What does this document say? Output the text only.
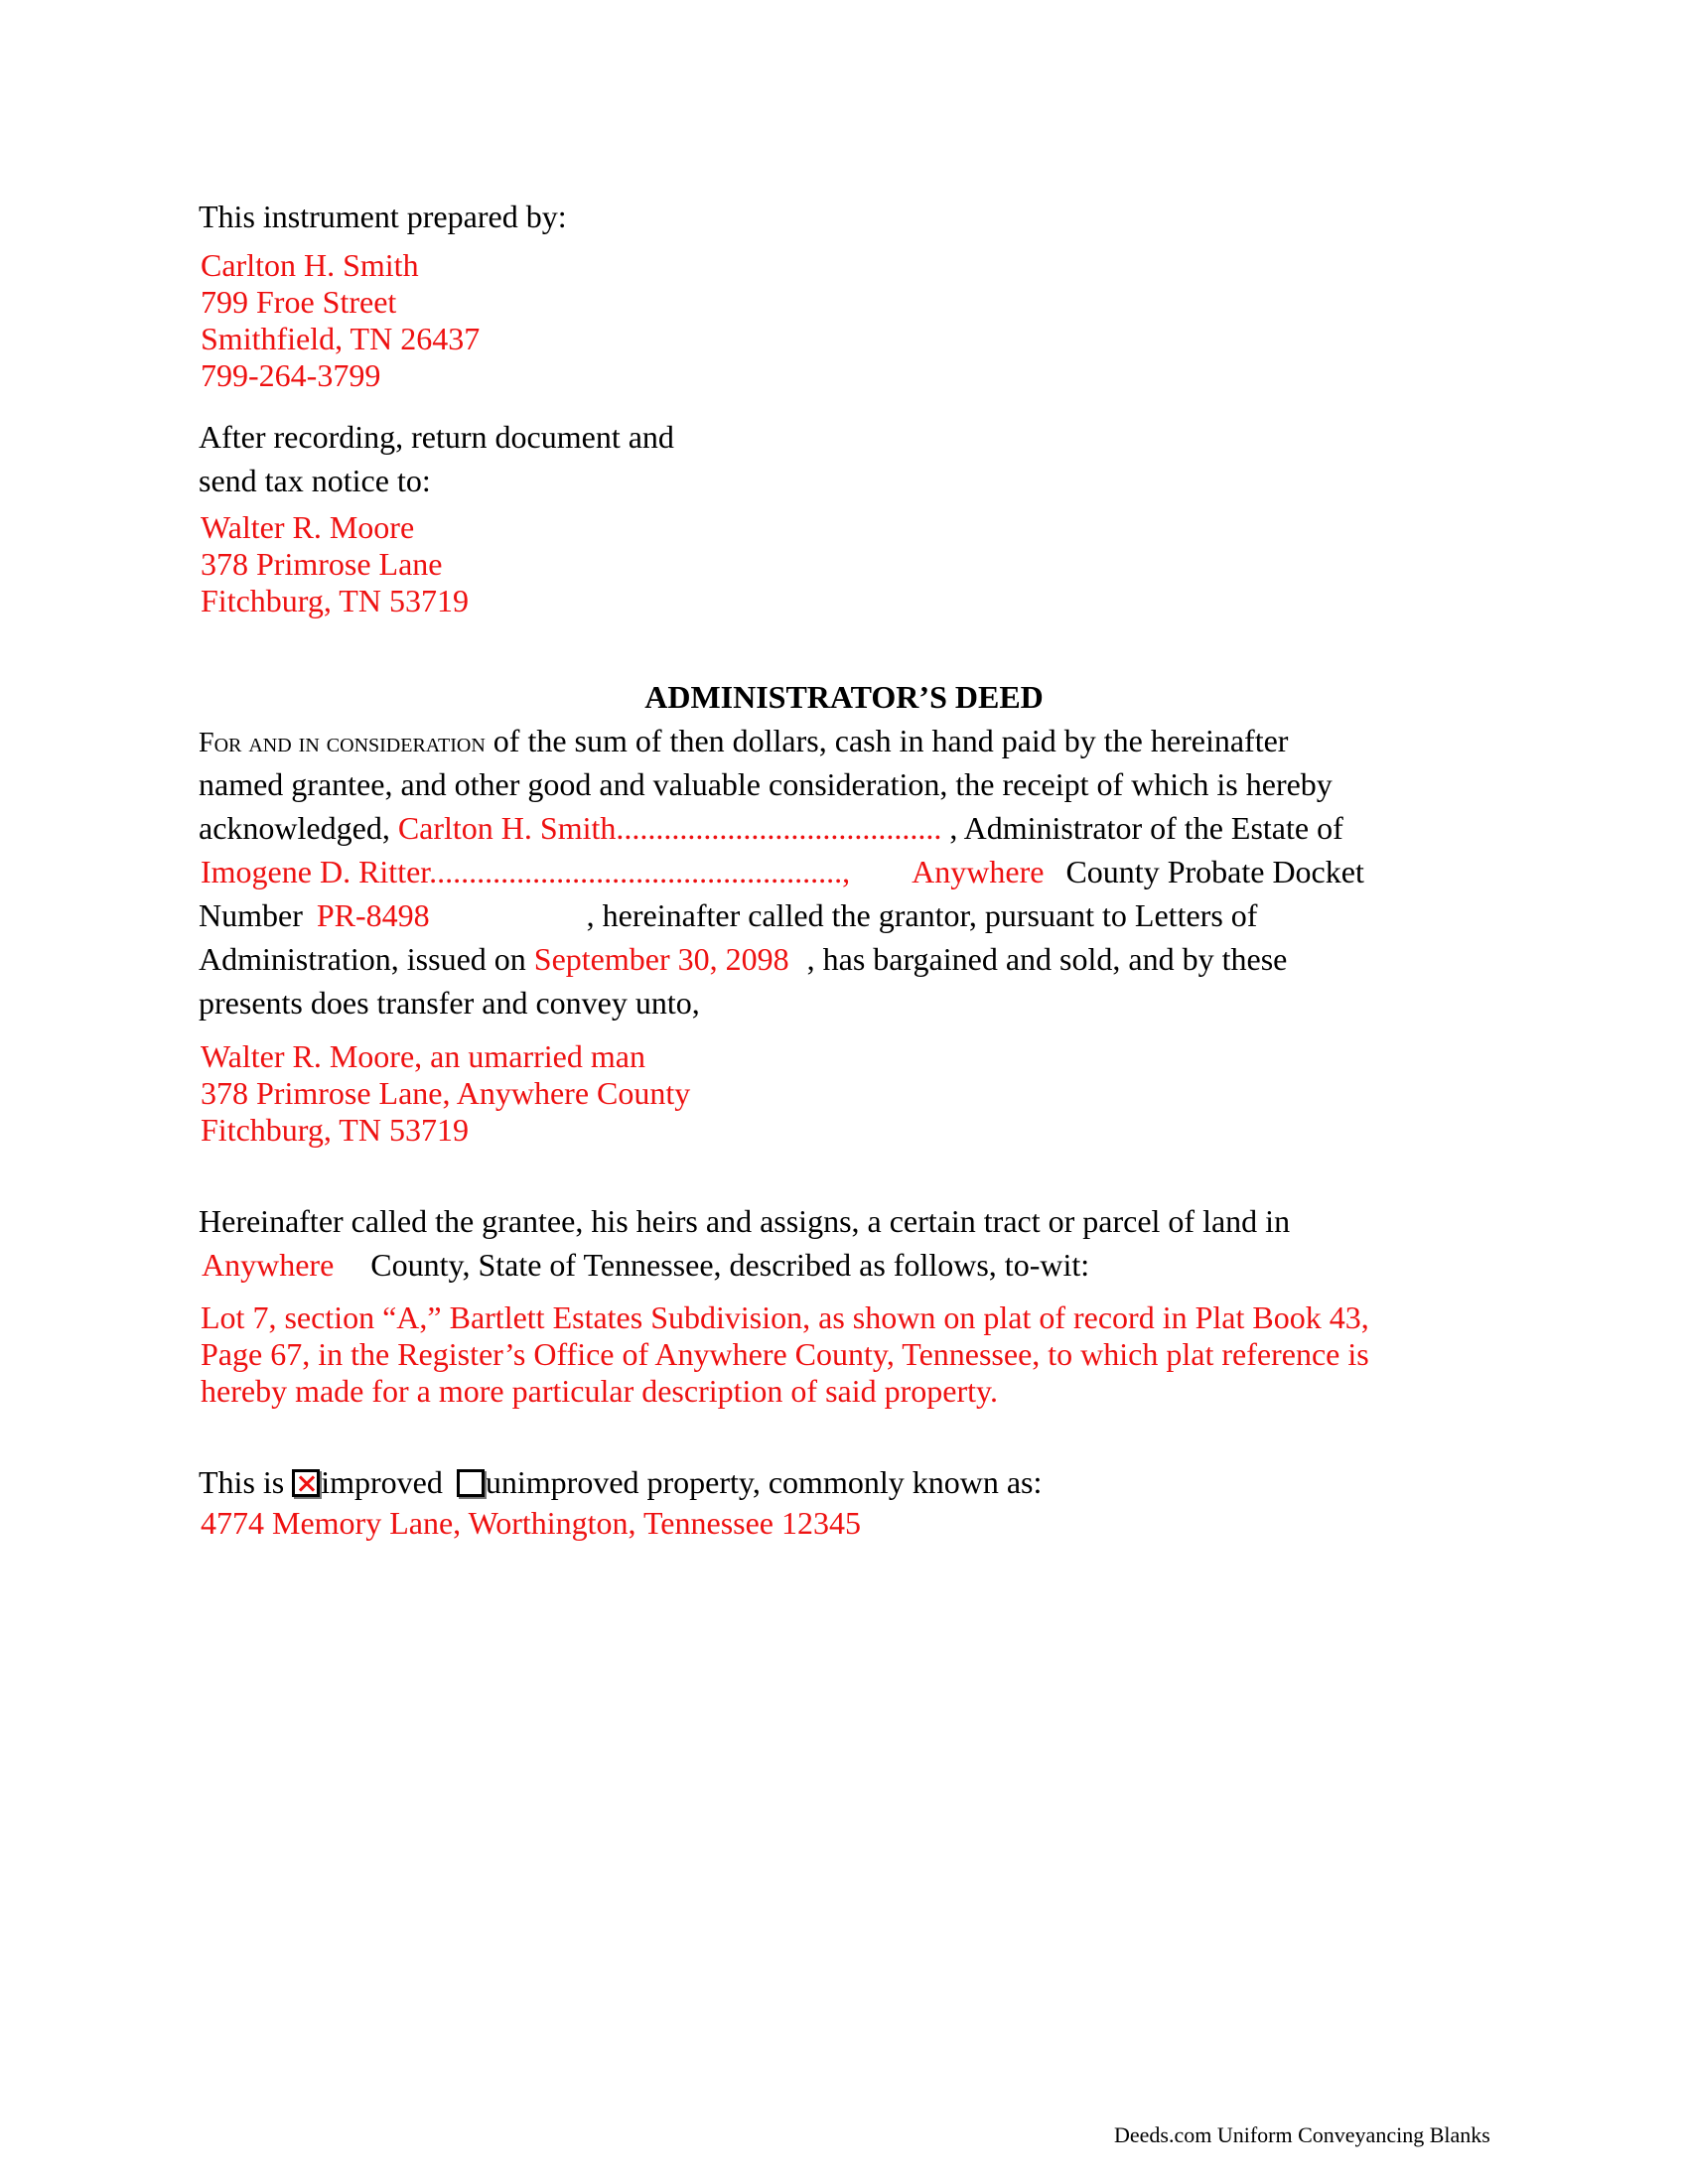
This instrument prepared by:
Carlton H. Smith
799 Froe Street
Smithfield, TN 26437
799-264-3799
After recording, return document and
send tax notice to:
Walter R. Moore
378 Primrose Lane
Fitchburg, TN 53719
ADMINISTRATOR’S DEED
For and in consideration of the sum of then dollars, cash in hand paid by the hereinafter
named grantee, and other good and valuable consideration, the receipt of which is hereby
acknowledged, Carlton H. Smith......................................... , Administrator of the Estate of
Imogene D. Ritter...................................................., Anywhere County Probate Docket
Number PR-8498	, hereinafter called the grantor, pursuant to Letters of
Administration, issued on September 30, 2098 , has bargained and sold, and by these
presents does transfer and convey unto,
Walter R. Moore, an umarried man
378 Primrose Lane, Anywhere County
Fitchburg, TN 53719
Hereinafter called the grantee, his heirs and assigns, a certain tract or parcel of land in
Anywhere County, State of Tennessee, described as follows, to-wit:
Lot 7, section “A,” Bartlett Estates Subdivision, as shown on plat of record in Plat Book 43,
Page 67, in the Register’s Office of Anywhere County, Tennessee, to which plat reference is
hereby made for a more particular description of said property.
This is improved unimproved property, commonly known as:
4774 Memory Lane, Worthington, Tennessee 12345
Deeds.com Uniform Conveyancing Blanks
